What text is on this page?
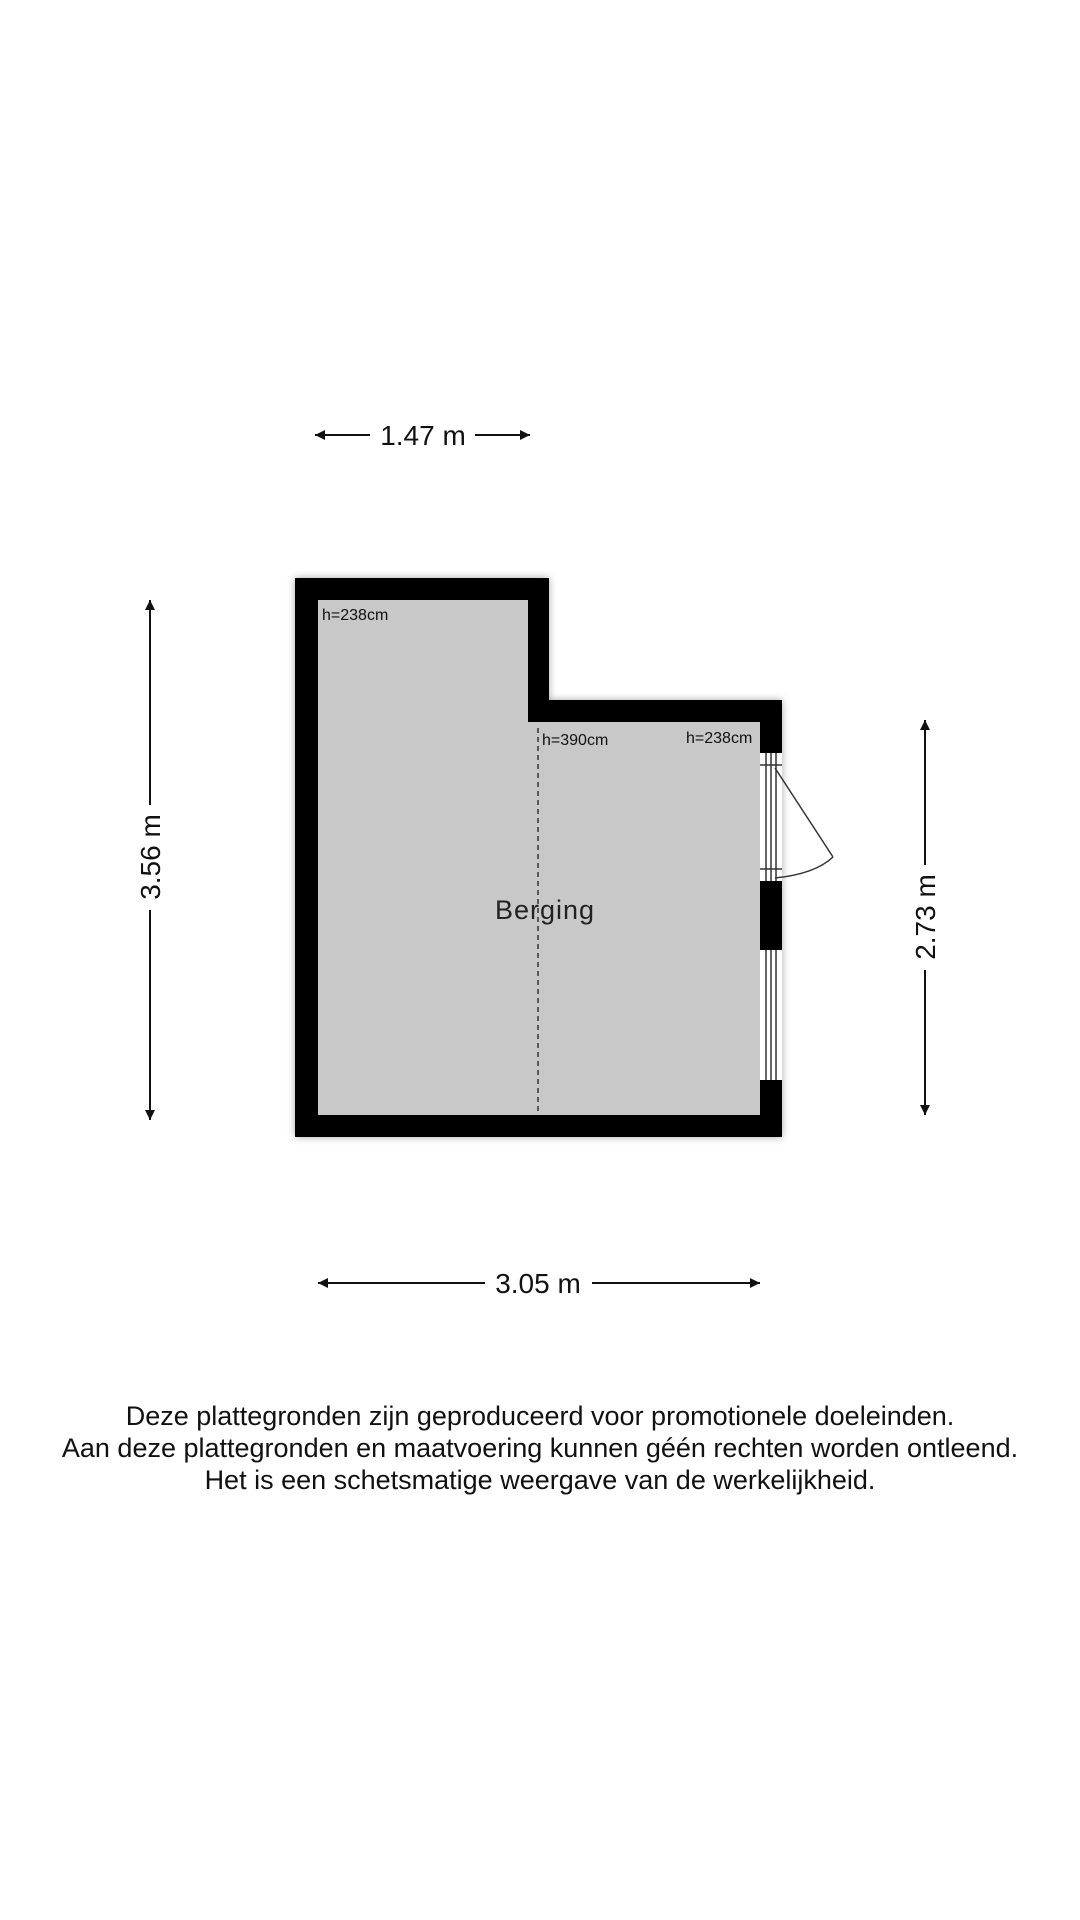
1.47 m
3.56 m
2.73 m
3.05 m
h=238cm
h=390cm	h=238cm
Berging
Deze plattegronden zijn geproduceerd voor promotionele doeleinden.
Aan deze plattegronden en maatvoering kunnen géén rechten worden ontleend.
Het is een schetsmatige weergave van de werkelijkheid.
